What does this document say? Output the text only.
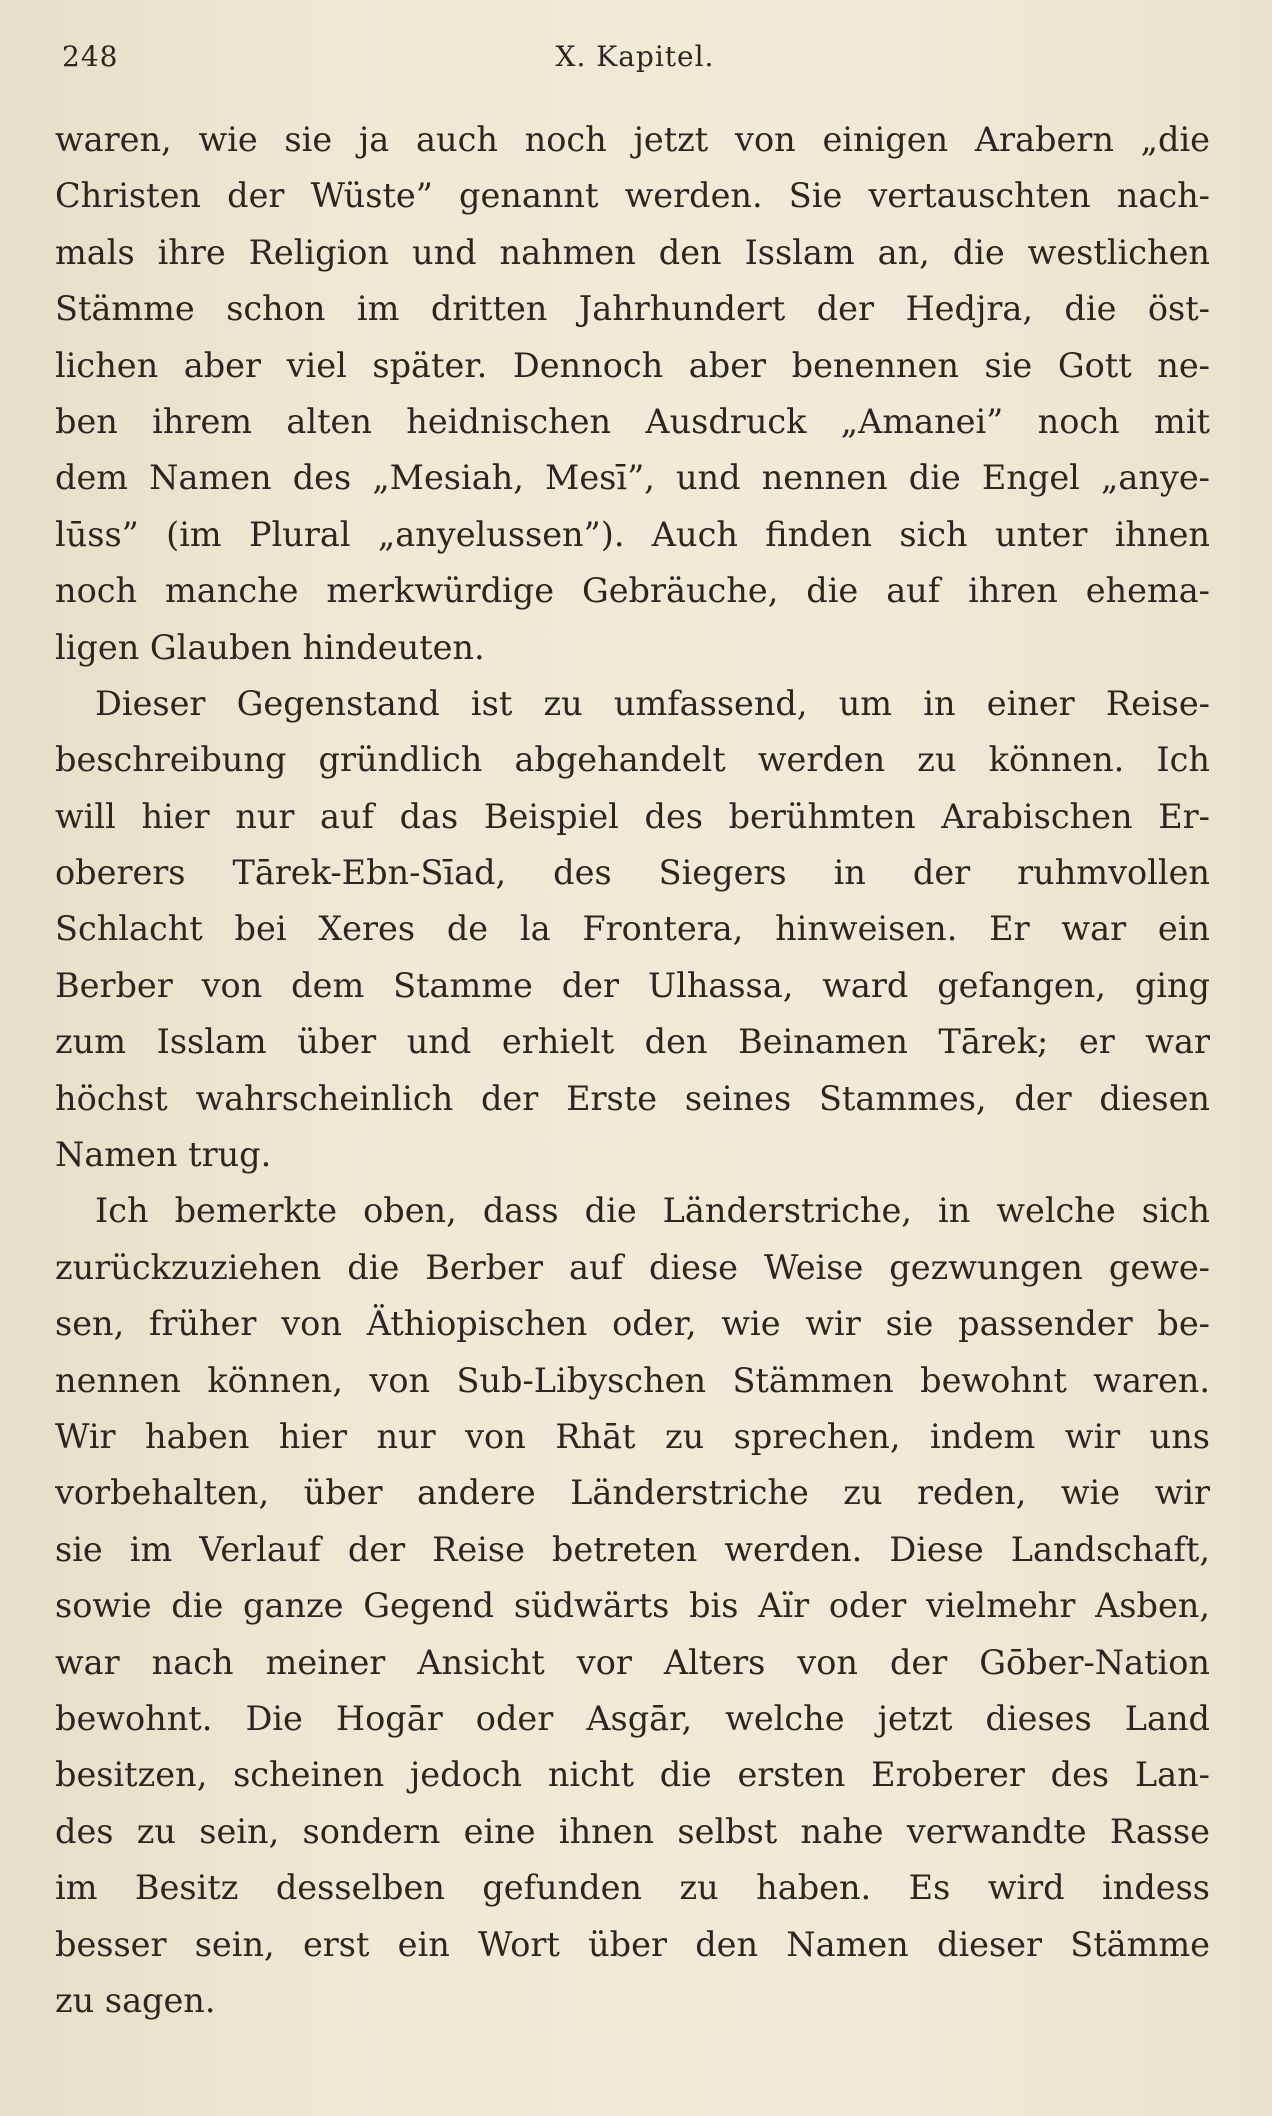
248	X. Kapitel.
waren, wie sie ja auch noch jetzt von einigen Arabern „die
Christen der Wüste” genannt werden. Sie vertauschten nach-
mals ihre Religion und nahmen den Isslam an, die westlichen
Stämme schon im dritten Jahrhundert der Hedjra, die öst-
lichen aber viel später. Dennoch aber benennen sie Gott ne-
ben ihrem alten heidnischen Ausdruck „Amanei” noch mit
dem Namen des „Mesiah, Mesī”, und nennen die Engel „anye-
lūss” (im Plural „anyelussen”). Auch finden sich unter ihnen
noch manche merkwürdige Gebräuche, die auf ihren ehema-
ligen Glauben hindeuten.
Dieser Gegenstand ist zu umfassend, um in einer Reise-
beschreibung gründlich abgehandelt werden zu können. Ich
will hier nur auf das Beispiel des berühmten Arabischen Er-
oberers Tārek-Ebn-Sīad, des Siegers in der ruhmvollen
Schlacht bei Xeres de la Frontera, hinweisen. Er war ein
Berber von dem Stamme der Ulhassa, ward gefangen, ging
zum Isslam über und erhielt den Beinamen Tārek; er war
höchst wahrscheinlich der Erste seines Stammes, der diesen
Namen trug.
Ich bemerkte oben, dass die Länderstriche, in welche sich
zurückzuziehen die Berber auf diese Weise gezwungen gewe-
sen, früher von Äthiopischen oder, wie wir sie passender be-
nennen können, von Sub-Libyschen Stämmen bewohnt waren.
Wir haben hier nur von Rhāt zu sprechen, indem wir uns
vorbehalten, über andere Länderstriche zu reden, wie wir
sie im Verlauf der Reise betreten werden. Diese Landschaft,
sowie die ganze Gegend südwärts bis Aïr oder vielmehr Asben,
war nach meiner Ansicht vor Alters von der Gōber-Nation
bewohnt. Die Hogār oder Asgār, welche jetzt dieses Land
besitzen, scheinen jedoch nicht die ersten Eroberer des Lan-
des zu sein, sondern eine ihnen selbst nahe verwandte Rasse
im Besitz desselben gefunden zu haben. Es wird indess
besser sein, erst ein Wort über den Namen dieser Stämme
zu sagen.
